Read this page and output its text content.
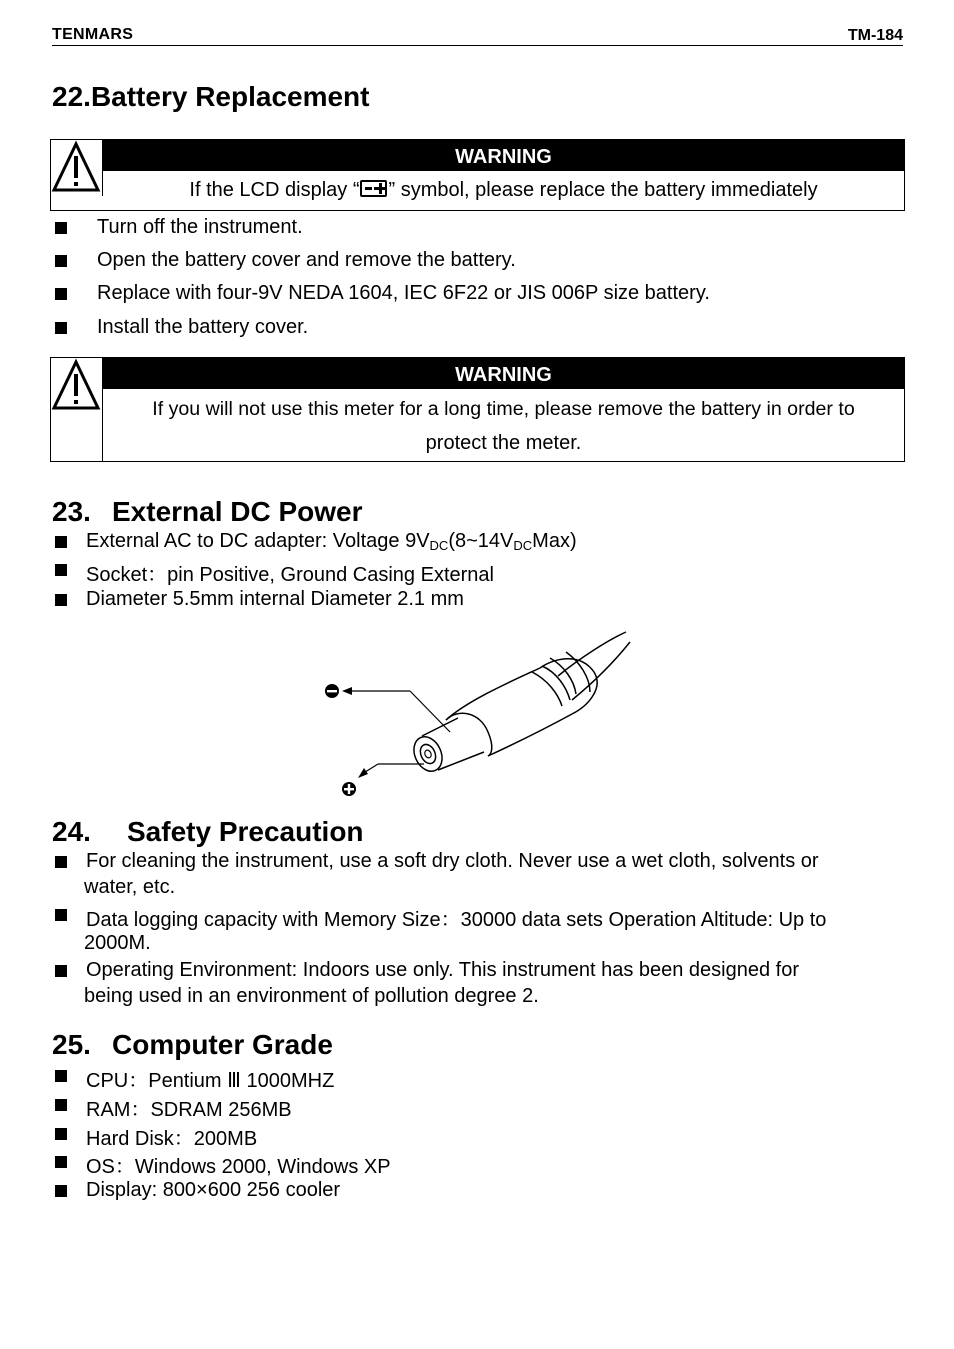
TENMARS	TM-184
22.Battery Replacement
WARNING
If the LCD display “ ” symbol, please replace the battery immediately
Turn off the instrument.
Open the battery cover and remove the battery.
Replace with four-9V NEDA 1604, IEC 6F22 or JIS 006P size battery.
Install the battery cover.
WARNING
If you will not use this meter for a long time, please remove the battery in order to
protect the meter.
23. External DC Power
External AC to DC adapter: Voltage $9V_{DC}(8\sim 14V_{DC}Max)$
Socket：pin Positive, Ground Casing External
Diameter 5.5mm internal Diameter 2.1 mm
24. Safety Precaution
For cleaning the instrument, use a soft dry cloth. Never use a wet cloth, solvents or
water, etc.
Data logging capacity with Memory Size：30000 data sets Operation Altitude: Up to
2000M.
Operating Environment: Indoors use only. This instrument has been designed for
being used in an environment of pollution degree 2.
25. Computer Grade
CPU：Pentium Ⅲ 1000MHZ
RAM：SDRAM 256MB
Hard Disk：200MB
OS：Windows 2000, Windows XP
Display: 800×600 256 cooler
